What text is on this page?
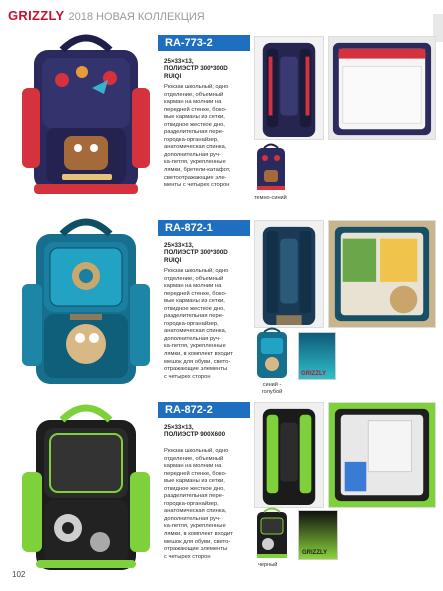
GRIZZLY 2018 НОВАЯ КОЛЛЕКЦИЯ
RA-773-2
25×33×13,
ПОЛИЭСТР 300*300D
RUIQI
Рюкзак школьный, одно
отделение, объемный
карман на молнии на
передней стенке, боко-
вые карманы из сетки,
откидное жесткое дно,
разделительная пере-
городка-органайзер,
анатомическая спинка,
дополнительная руч-
ка-петля, укрепленные
лямки, бретели-катафот,
светоотражающие эле-
менты с четырех сторон
темно-синий
RA-872-1
25×33×13,
ПОЛИЭСТР 300*300D
RUIQI
Рюкзак школьный, одно
отделение, объемный
карман на молнии на
передней стенке, боко-
вые карманы из сетки,
откидное жесткое дно,
разделительная пере-
городка-органайзер,
анатомическая спинка,
дополнительная руч-
ка-петля, укрепленные
лямки, в комплект входит
мешок для обуви, свето-
отражающие элементы
с четырех сторон	GRIZZLY
синий -
голубой
RA-872-2
25×33×13,
ПОЛИЭСТР 900Х600
Рюкзак школьный, одно
отделение, объемный
карман на молнии на
передней стенке, боко-
вые карманы из сетки,
откидное жесткое дно,
разделительная пере-
городка-органайзер,
анатомическая спинка,
дополнительная руч-
ка-петля, укрепленные
лямки, в комплект входит
мешок для обуви, свето-
отражающие элементы
с четырех сторон
GRIZZLY
черный
102
